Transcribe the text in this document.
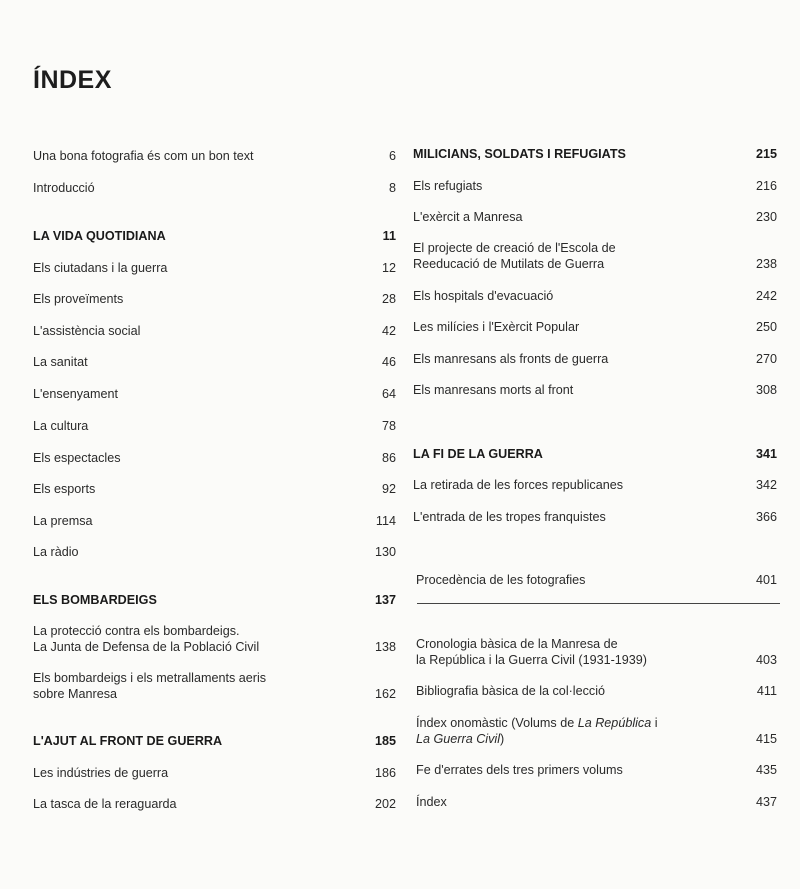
ÍNDEX
Una bona fotografia és com un bon text	6
Introducció	8
LA VIDA QUOTIDIANA	11
Els ciutadans i la guerra	12
Els proveïments	28
L'assistència social	42
La sanitat	46
L'ensenyament	64
La cultura	78
Els espectacles	86
Els esports	92
La premsa	114
La ràdio	130
ELS BOMBARDEIGS	137
La protecció contra els bombardeigs.
La Junta de Defensa de la Població Civil	138
Els bombardeigs i els metrallaments aeris
sobre Manresa	162
L'AJUT AL FRONT DE GUERRA	185
Les indústries de guerra	186
La tasca de la reraguarda	202
MILICIANS, SOLDATS I REFUGIATS	215
Els refugiats	216
L'exèrcit a Manresa	230
El projecte de creació de l'Escola de
Reeducació de Mutilats de Guerra	238
Els hospitals d'evacuació	242
Les milícies i l'Exèrcit Popular	250
Els manresans als fronts de guerra	270
Els manresans morts al front	308
LA FI DE LA GUERRA	341
La retirada de les forces republicanes	342
L'entrada de les tropes franquistes	366
Procedència de les fotografies	401
Cronologia bàsica de la Manresa de
la República i la Guerra Civil (1931-1939)	403
Bibliografia bàsica de la col·lecció	411
Índex onomàstic (Volums de La República i
La Guerra Civil)	415
Fe d'errates dels tres primers volums	435
Índex	437
